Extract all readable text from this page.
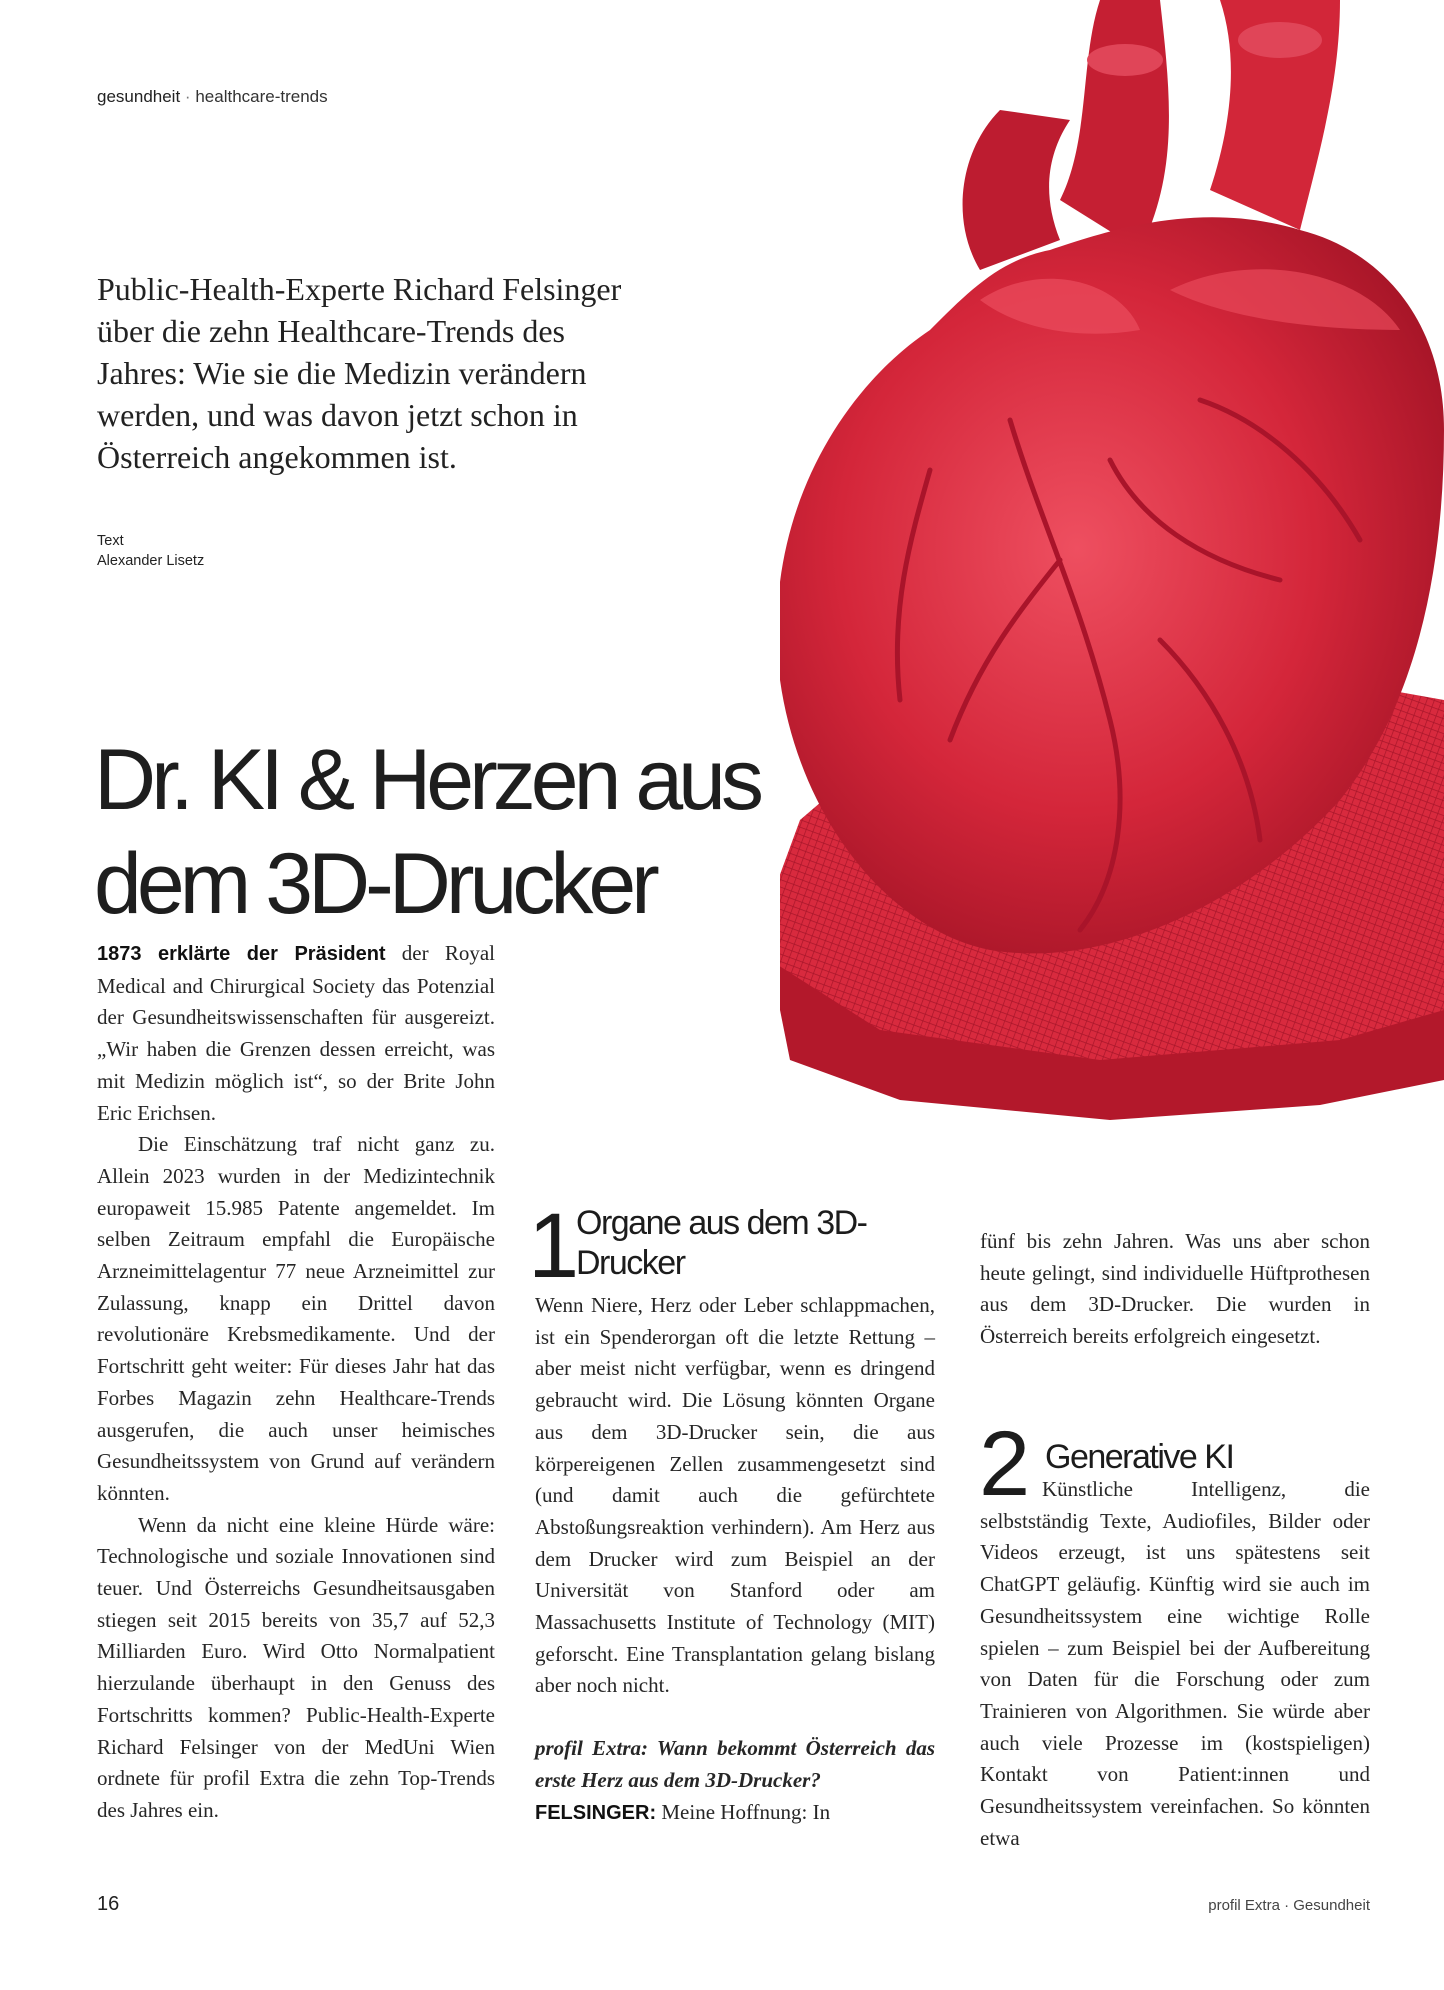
gesundheit · healthcare-trends
Public-Health-Experte Richard Felsinger über die zehn Healthcare-Trends des Jahres: Wie sie die Medizin verändern werden, und was davon jetzt schon in Österreich angekommen ist.
Text
Alexander Lisetz
Dr. KI & Herzen aus dem 3D-Drucker

1873 erklärte der Präsident der Royal Medical and Chirurgical Society das Potenzial der Gesundheitswissenschaften für ausgereizt. „Wir haben die Grenzen dessen erreicht, was mit Medizin möglich ist“, so der Brite John Eric Erichsen.

Die Einschätzung traf nicht ganz zu. Allein 2023 wurden in der Medizintechnik europaweit 15.985 Patente angemeldet. Im selben Zeitraum empfahl die Europäische Arzneimittelagentur 77 neue Arzneimittel zur Zulassung, knapp ein Drittel davon revolutionäre Krebsmedikamente. Und der Fortschritt geht weiter: Für dieses Jahr hat das Forbes Magazin zehn Healthcare-Trends ausgerufen, die auch unser heimisches Gesundheitssystem von Grund auf verändern könnten.

Wenn da nicht eine kleine Hürde wäre: Technologische und soziale Innovationen sind teuer. Und Österreichs Gesundheitsausgaben stiegen seit 2015 bereits von 35,7 auf 52,3 Milliarden Euro. Wird Otto Normalpatient hierzulande überhaupt in den Genuss des Fortschritts kommen? Public-Health-Experte Richard Felsinger von der MedUni Wien ordnete für profil Extra die zehn Top-Trends des Jahres ein.

1 Organe aus dem 3D-Drucker

Wenn Niere, Herz oder Leber schlappmachen, ist ein Spenderorgan oft die letzte Rettung – aber meist nicht verfügbar, wenn es dringend gebraucht wird. Die Lösung könnten Organe aus dem 3D-Drucker sein, die aus körpereigenen Zellen zusammengesetzt sind (und damit auch die gefürchtete Abstoßungsreaktion verhindern). Am Herz aus dem Drucker wird zum Beispiel an der Universität von Stanford oder am Massachusetts Institute of Technology (MIT) geforscht. Eine Transplantation gelang bislang aber noch nicht.

profil Extra: Wann bekommt Österreich das erste Herz aus dem 3D-Drucker?

FELSINGER: Meine Hoffnung: In

fünf bis zehn Jahren. Was uns aber schon heute gelingt, sind individuelle Hüftprothesen aus dem 3D-Drucker. Die wurden in Österreich bereits erfolgreich eingesetzt.

2 Generative KI

Künstliche Intelligenz, die selbstständig Texte, Audiofiles, Bilder oder Videos erzeugt, ist uns spätestens seit ChatGPT geläufig. Künftig wird sie auch im Gesundheitssystem eine wichtige Rolle spielen – zum Beispiel bei der Aufbereitung von Daten für die Forschung oder zum Trainieren von Algorithmen. Sie würde aber auch viele Prozesse im (kostspieligen) Kontakt von Patient:innen und Gesundheitssystem vereinfachen. So könnten etwa

16	profil Extra · Gesundheit
